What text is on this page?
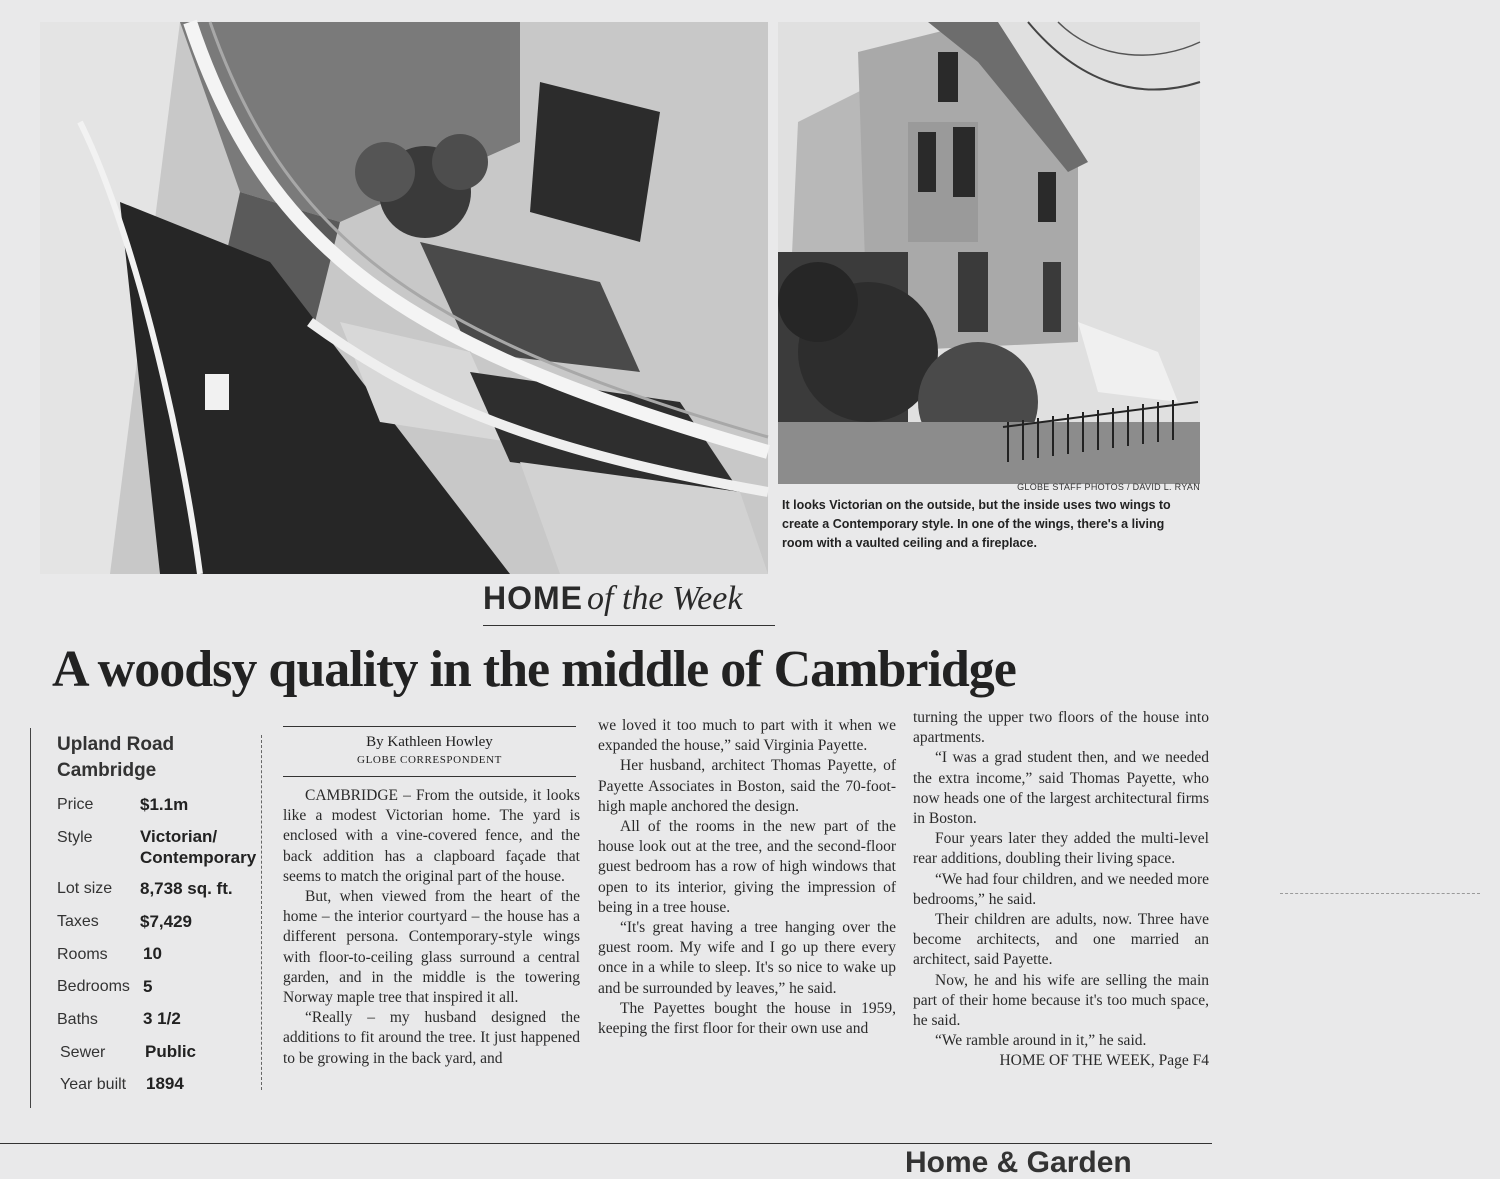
GLOBE STAFF PHOTOS / DAVID L. RYAN
It looks Victorian on the outside, but the inside uses two wings to create a Contemporary style. In one of the wings, there's a living room with a vaulted ceiling and a fireplace.
HOME of the Week
A woodsy quality in the middle of Cambridge
Upland Road
Cambridge
Price	$1.1m
Style	Victorian/ Contemporary
Lot size 8,738 sq. ft.
Taxes $7,429
Rooms 10
Bedrooms 5
Baths	3 1/2
Sewer Public
Year built 1894
By Kathleen Howley
GLOBE CORRESPONDENT

CAMBRIDGE – From the outside, it looks like a modest Victorian home. The yard is enclosed with a vine-covered fence, and the back addition has a clapboard façade that seems to match the original part of the house.

But, when viewed from the heart of the home – the interior courtyard – the house has a different persona. Contemporary-style wings with floor-to-ceiling glass surround a central garden, and in the middle is the towering Norway maple tree that inspired it all.

“Really – my husband designed the additions to fit around the tree. It just happened to be growing in the back yard, and

we loved it too much to part with it when we expanded the house,” said Virginia Payette.

Her husband, architect Thomas Payette, of Payette Associates in Boston, said the 70-foot-high maple anchored the design.

All of the rooms in the new part of the house look out at the tree, and the second-floor guest bedroom has a row of high windows that open to its interior, giving the impression of being in a tree house.

“It's great having a tree hanging over the guest room. My wife and I go up there every once in a while to sleep. It's so nice to wake up and be surrounded by leaves,” he said.

The Payettes bought the house in 1959, keeping the first floor for their own use and

turning the upper two floors of the house into apartments.

“I was a grad student then, and we needed the extra income,” said Thomas Payette, who now heads one of the largest architectural firms in Boston.

Four years later they added the multi-level rear additions, doubling their living space.

“We had four children, and we needed more bedrooms,” he said.

Their children are adults, now. Three have become architects, and one married an architect, said Payette.

Now, he and his wife are selling the main part of their home because it's too much space, he said.

“We ramble around in it,” he said.

HOME OF THE WEEK, Page F4

Home & Garden
